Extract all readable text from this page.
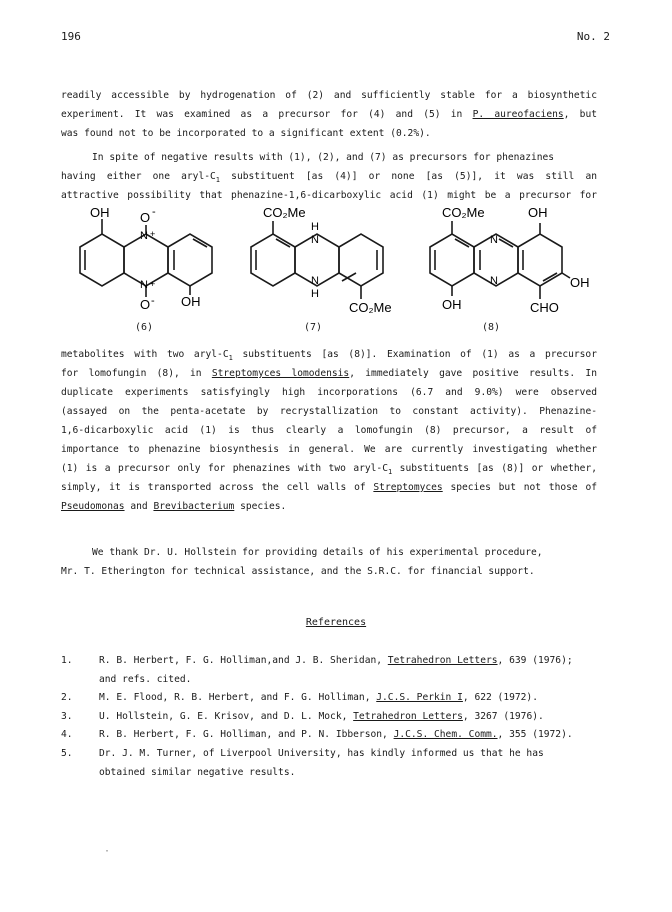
196	No. 2
readily accessible by hydrogenation of (2) and sufficiently stable for a biosynthetic
experiment. It was examined as a precursor for (4) and (5) in P. aureofaciens, but
was found not to be incorporated to a significant extent (0.2%).
In spite of negative results with (1), (2), and (7) as precursors for phenazines
having either one aryl-$C_1$ substituent [as (4)] or none [as (5)], it was still an
attractive possibility that phenazine-1,6-dicarboxylic acid (1) might be a precursor for
OH O -
N +
N +
O - OH
(6)
CO₂Me
H
N
N
H
CO₂Me
(7)
CO₂Me	OH
N
N	OH
OH	CHO
(8)
metabolites with two aryl-$C_1$ substituents [as (8)]. Examination of (1) as a precursor
for lomofungin (8), in Streptomyces lomodensis, immediately gave positive results. In
duplicate experiments satisfyingly high incorporations (6.7 and 9.0%) were observed
(assayed on the penta-acetate by recrystallization to constant activity). Phenazine-
1,6-dicarboxylic acid (1) is thus clearly a lomofungin (8) precursor, a result of
importance to phenazine biosynthesis in general. We are currently investigating whether
(1) is a precursor only for phenazines with two aryl-$C_1$ substituents [as (8)] or whether,
simply, it is transported across the cell walls of Streptomyces species but not those of
Pseudomonas and Brevibacterium species.
We thank Dr. U. Hollstein for providing details of his experimental procedure,
Mr. T. Etherington for technical assistance, and the S.R.C. for financial support.
References
1.	R. B. Herbert, F. G. Holliman,and J. B. Sheridan, Tetrahedron Letters, 639 (1976);
and refs. cited.
2.	M. E. Flood, R. B. Herbert, and F. G. Holliman, J.C.S. Perkin I, 622 (1972).
3.	U. Hollstein, G. E. Krisov, and D. L. Mock, Tetrahedron Letters, 3267 (1976).
4.	R. B. Herbert, F. G. Holliman, and P. N. Ibberson, J.C.S. Chem. Comm., 355 (1972).
5.	Dr. J. M. Turner, of Liverpool University, has kindly informed us that he has
obtained similar negative results.
·
